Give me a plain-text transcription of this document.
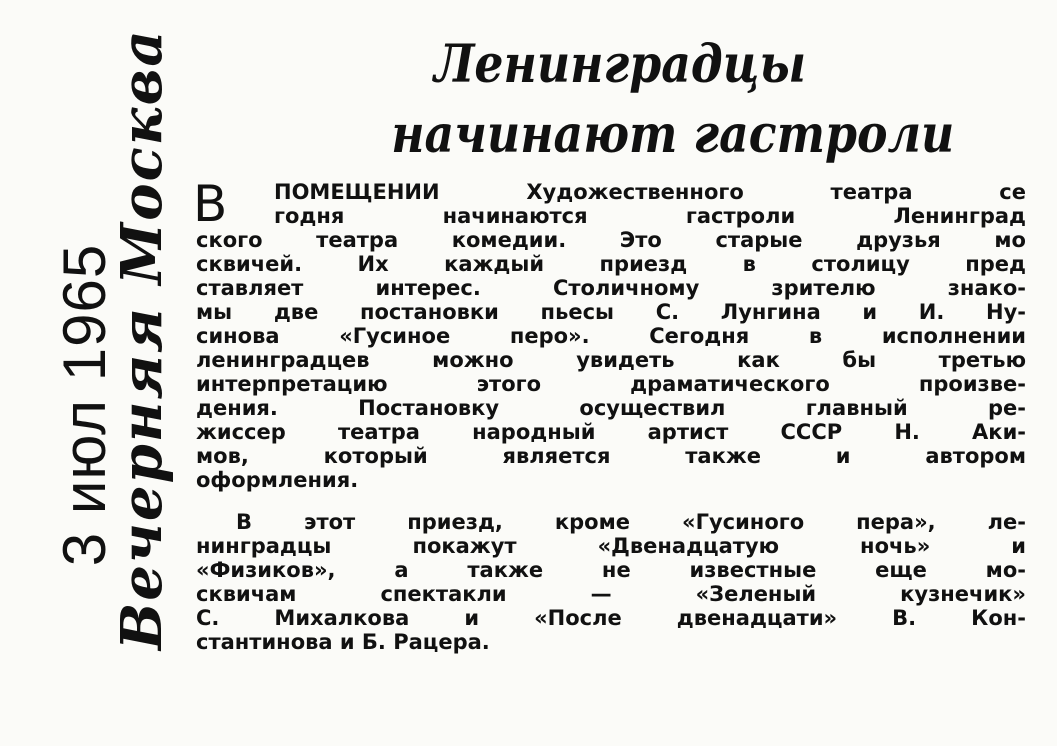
3 июл 1965
Вечерняя Москва	Ленинградцы
начинают гастроли
В	ПОМЕЩЕНИИ Художественного театра се
годня начинаются гастроли Ленинград
ского театра комедии. Это старые друзья мо
сквичей. Их каждый приезд в столицу пред
ставляет интерес. Столичному зрителю знако-
мы две постановки пьесы С. Лунгина и И. Ну-
синова «Гусиное перо». Сегодня в исполнении
ленинградцев можно увидеть как бы третью
интерпретацию этого драматического произве-
дения. Постановку осуществил главный ре-
жиссер театра народный артист СССР Н. Аки-
мов, который является также и автором
оформления.
В этот приезд, кроме «Гусиного пера», ле-
нинградцы покажут «Двенадцатую ночь» и
«Физиков», а также не известные еще мо-
сквичам спектакли — «Зеленый кузнечик»
С. Михалкова и «После двенадцати» В. Кон-
стантинова и Б. Рацера.
